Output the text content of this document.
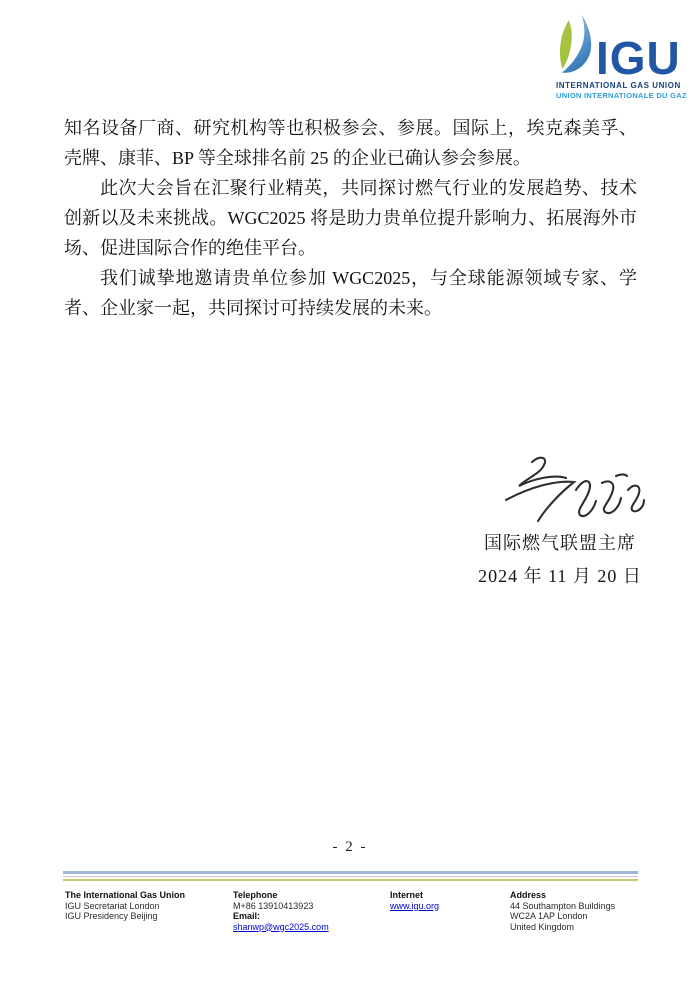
IGU
INTERNATIONAL GAS UNION
UNION INTERNATIONALE DU GAZ

知名设备厂商、研究机构等也积极参会、参展。国际上，埃克森美孚、壳牌、康菲、BP 等全球排名前 25 的企业已确认参会参展。

此次大会旨在汇聚行业精英，共同探讨燃气行业的发展趋势、技术创新以及未来挑战。WGC2025 将是助力贵单位提升影响力、拓展海外市场、促进国际合作的绝佳平台。

我们诚挚地邀请贵单位参加 WGC2025，与全球能源领域专家、学者、企业家一起，共同探讨可持续发展的未来。

国际燃气联盟主席
2024 年 11 月 20 日
- 2 -
The International Gas Union
IGU Secretariat London
IGU Presidency Beijing
Telephone
M+86 13910413923
Email:
shanwp@wgc2025.com
Internet
www.igu.org
Address
44 Southampton Buildings
WC2A 1AP London
United Kingdom
